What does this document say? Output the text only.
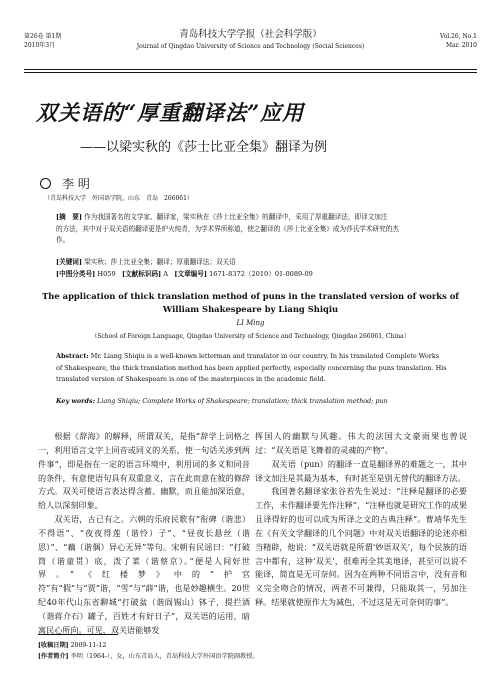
第26卷 第1期
2010年3月
青岛科技大学学报（社会科学版）
Journal of Qingdao University of Science and Technology (Social Sciences)
Vol.26, No.1
Mar. 2010
双关语的“厚重翻译法”应用
——以梁实秋的《莎士比亚全集》翻译为例
李 明
（青岛科技大学　外国语学院，山东　青岛　266061）
[摘　要] 作为我国著名的文学家、翻译家，梁实秋在《莎士比亚全集》的翻译中，采用了厚重翻译法，即译文加注
的方法，其中对于双关语的翻译更是炉火纯青，为学术界所称道，使之翻译的《莎士比亚全集》成为莎氏学术研究的杰
作。
[关键词] 梁实秋；莎士比亚全集；翻译；厚重翻译法；双关语
[中图分类号] H059 [文献标识码] A [文章编号] 1671-8372（2010）01-0089-09
The application of thick translation method of puns in the translated version of works of
William Shakespeare by Liang Shiqiu
LI Ming
（School of Foreign Language, Qingdao University of Science and Technology, Qingdao 266061, China）
Abstract: Mr. Liang Shiqiu is a well-known letterman and translator in our country. In his translated Complete Works
of Shakespeare, the thick translation method has been applied perfectly, especially concerning the puns translation. His
translated version of Shakespeare is one of the masterpieces in the academic field.
Key words: Liang Shiqiu; Complete Works of Shakespeare; translation; thick translation method; pun

根据《辞海》的解释，所谓双关，是指“辞学上词格之一，利用语言文字上同音或同义的关系，使一句话关涉到两件事”，即是指在一定的语言环境中，利用词的多义和同音的条件，有意使语句具有双重意义，言在此而意在彼的修辞方式。双关可使语言表达得含蓄、幽默，而且能加深语意，给人以深刻印象。

双关语，古已有之。六朝的乐府民歌有“衔碑（谐悲）不得语”、“夜夜得莲（谐怜）子”、“昼夜长悬丝（谐思）”、“藕（谐偶）异心无异”等句。宋朝有民谣曰：“打破筒（谐童贯）底，泼了菜（谐蔡京）。”便是人间好世界。”《红楼梦》中的“护官符”有“假”与“贾”谐，“雪”与“薛”谐，也是妙趣横生。20世纪40年代山东省聊城“打破盆（谐阎锡山）钵子，提拦酒（谐蒋介石）罐子，百姓才有好日子”，双关语的运用，暗寓民心所向。可见，双关语能够发

挥国人的幽默与风趣。伟大的法国大文豪雨果也曾说过：“双关语是飞舞着的灵魂的产物”。

双关语（pun）的翻译一直是翻译界的难题之一，其中译文加注是其最为基本，有时甚至是别无替代的翻译方法。

我国著名翻译家张谷若先生说过：“注释是翻译的必要工作，未作翻译要先作注释”，“注释也就是研究工作的成果且译得好的也可以成为所译之文的古典注释”。曹靖华先生在《有关文学翻译的几个问题》中对双关语翻译的论述亦相当精辟，他说：“双关语就是所谓‘妙语双关’，每个民族的语言中都有，这种‘双关’，很难再全其美地译，甚至可以说不能译，简直是无可奈何。因为在两种不同语言中，没有音和义完全吻合的情况，两者不可兼得，只能取其一，另加注释。结果就使原作大为减色，不过这是无可奈何的事”。

[收稿日期] 2009-11-12
[作者简介] 李明（1964-），女，山东青岛人，青岛科技大学外国语学院副教授。
